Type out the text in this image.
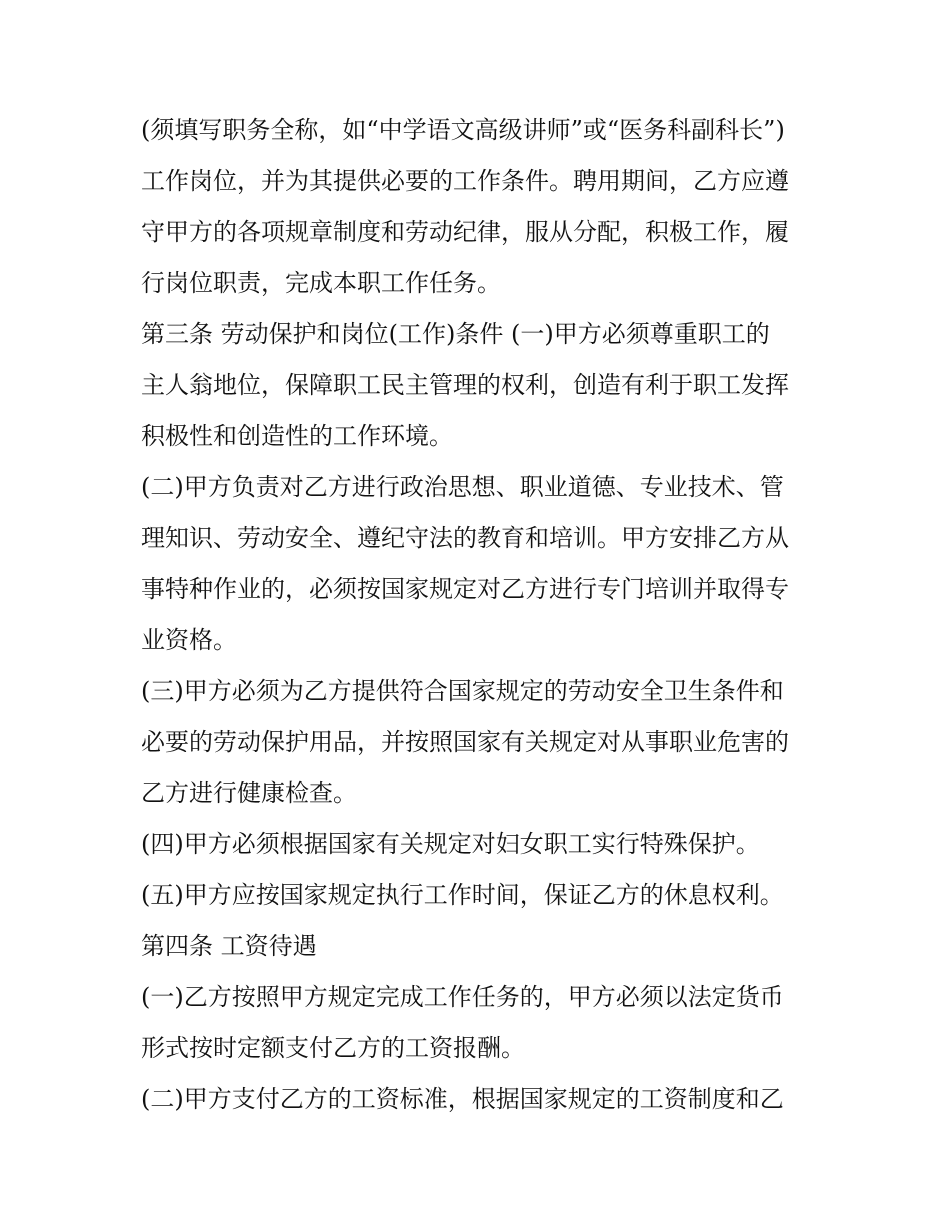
(须填写职务全称，如“中学语文高级讲师”或“医务科副科长”)

工作岗位，并为其提供必要的工作条件。聘用期间，乙方应遵

守甲方的各项规章制度和劳动纪律，服从分配，积极工作，履

行岗位职责，完成本职工作任务。

第三条 劳动保护和岗位(工作)条件 (一)甲方必须尊重职工的

主人翁地位，保障职工民主管理的权利，创造有利于职工发挥

积极性和创造性的工作环境。

(二)甲方负责对乙方进行政治思想、职业道德、专业技术、管

理知识、劳动安全、遵纪守法的教育和培训。甲方安排乙方从

事特种作业的，必须按国家规定对乙方进行专门培训并取得专

业资格。

(三)甲方必须为乙方提供符合国家规定的劳动安全卫生条件和

必要的劳动保护用品，并按照国家有关规定对从事职业危害的

乙方进行健康检查。

(四)甲方必须根据国家有关规定对妇女职工实行特殊保护。

(五)甲方应按国家规定执行工作时间，保证乙方的休息权利。

第四条 工资待遇

(一)乙方按照甲方规定完成工作任务的，甲方必须以法定货币

形式按时定额支付乙方的工资报酬。

(二)甲方支付乙方的工资标准，根据国家规定的工资制度和乙
